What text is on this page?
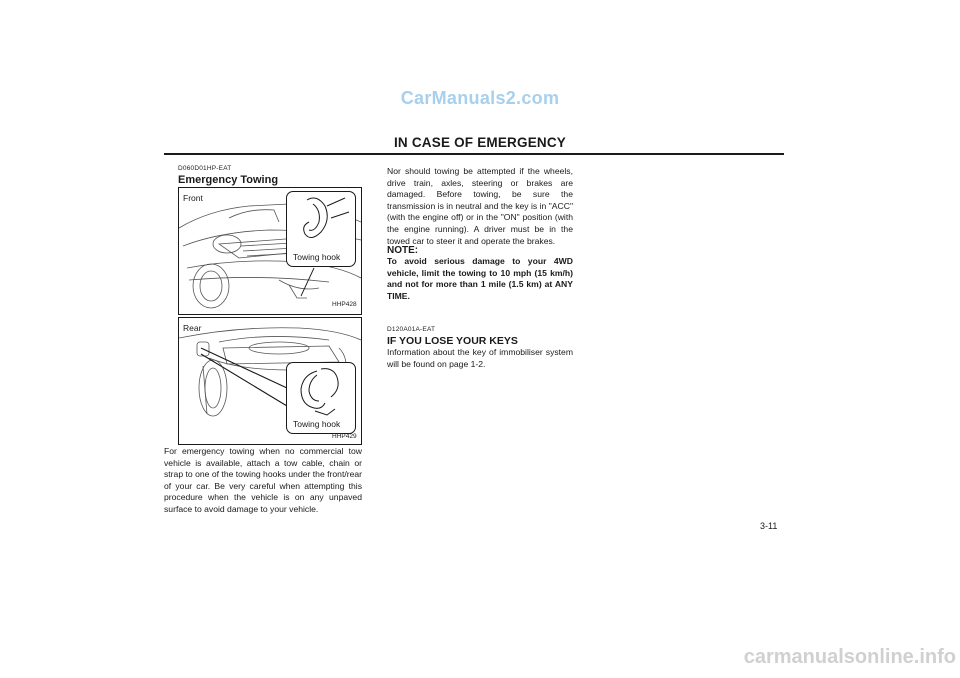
CarManuals2.com
IN CASE OF EMERGENCY
D060D01HP-EAT
Emergency Towing
Front
Towing hook
HHP428
Rear
Towing hook
HHP429
For emergency towing when no commercial tow vehicle is available, attach a tow cable, chain or strap to one of the towing hooks under the front/rear of your car. Be very careful when attempting this procedure when the vehicle is on any unpaved surface to avoid damage to your vehicle.
Nor should towing be attempted if the wheels, drive train, axles, steering or brakes are damaged. Before towing, be sure the transmission is in neutral and the key is in "ACC" (with the engine off) or in the "ON" position (with the engine running). A driver must be in the towed car to steer it and operate the brakes.
NOTE:
To avoid serious damage to your 4WD vehicle, limit the towing to 10 mph (15 km/h) and not for more than 1 mile (1.5 km) at ANY TIME.
D120A01A-EAT
IF YOU LOSE YOUR KEYS
Information about the key of immobiliser system will be found on page 1-2.
3-11
carmanualsonline.info
